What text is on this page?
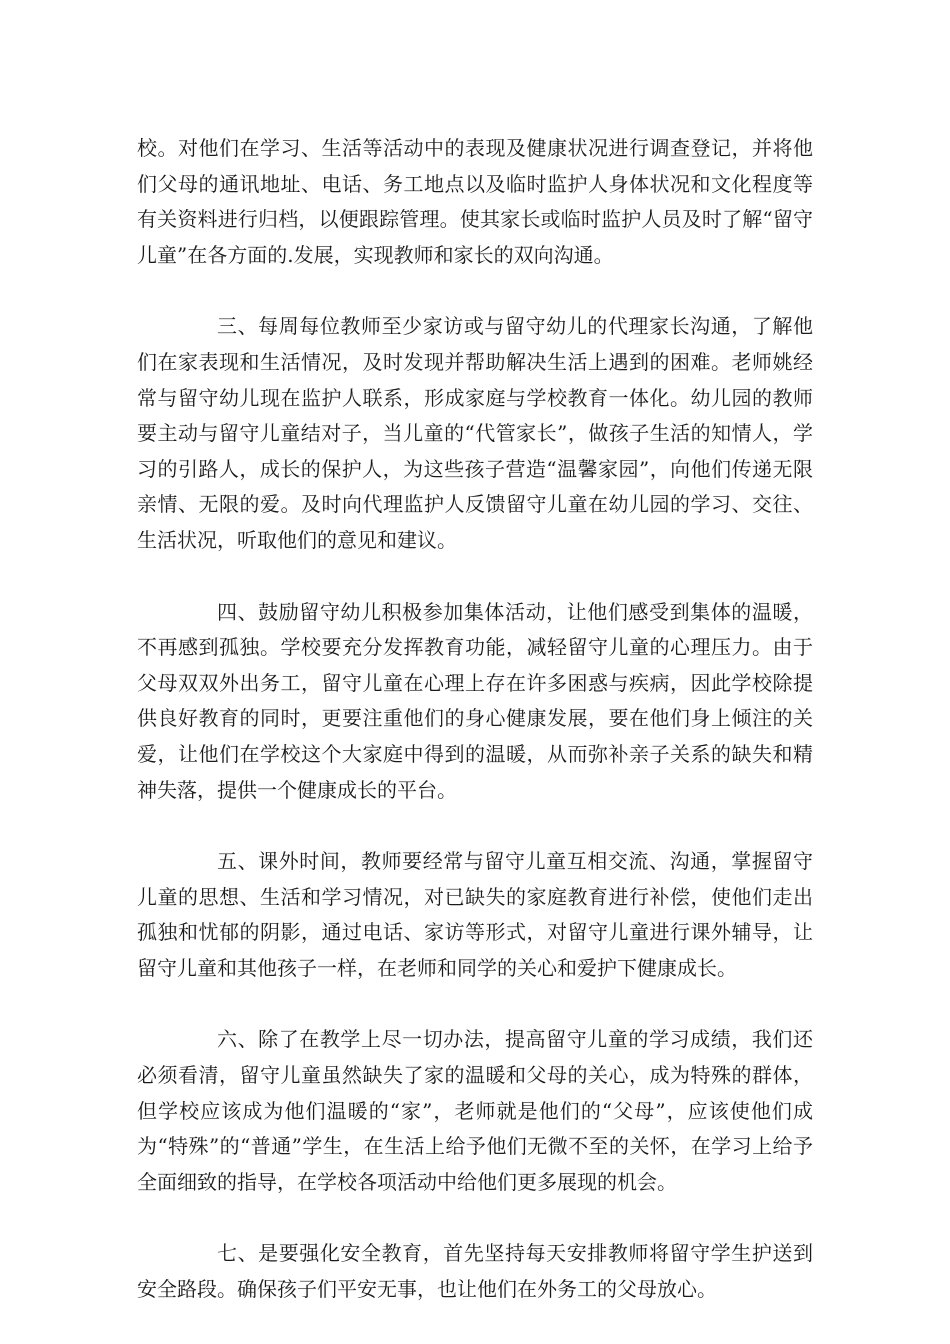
校。对他们在学习、生活等活动中的表现及健康状况进行调查登记，并将他们父母的通讯地址、电话、务工地点以及临时监护人身体状况和文化程度等有关资料进行归档，以便跟踪管理。使其家长或临时监护人员及时了解“留守儿童”在各方面的.发展，实现教师和家长的双向沟通。

三、每周每位教师至少家访或与留守幼儿的代理家长沟通，了解他们在家表现和生活情况，及时发现并帮助解决生活上遇到的困难。老师姚经常与留守幼儿现在监护人联系，形成家庭与学校教育一体化。幼儿园的教师要主动与留守儿童结对子，当儿童的“代管家长”，做孩子生活的知情人，学习的引路人，成长的保护人，为这些孩子营造“温馨家园”，向他们传递无限亲情、无限的爱。及时向代理监护人反馈留守儿童在幼儿园的学习、交往、生活状况，听取他们的意见和建议。

四、鼓励留守幼儿积极参加集体活动，让他们感受到集体的温暖，不再感到孤独。学校要充分发挥教育功能，减轻留守儿童的心理压力。由于父母双双外出务工，留守儿童在心理上存在许多困惑与疾病，因此学校除提供良好教育的同时，更要注重他们的身心健康发展，要在他们身上倾注的关爱，让他们在学校这个大家庭中得到的温暖，从而弥补亲子关系的缺失和精神失落，提供一个健康成长的平台。

五、课外时间，教师要经常与留守儿童互相交流、沟通，掌握留守儿童的思想、生活和学习情况，对已缺失的家庭教育进行补偿，使他们走出孤独和忧郁的阴影，通过电话、家访等形式，对留守儿童进行课外辅导，让留守儿童和其他孩子一样，在老师和同学的关心和爱护下健康成长。

六、除了在教学上尽一切办法，提高留守儿童的学习成绩，我们还必须看清，留守儿童虽然缺失了家的温暖和父母的关心，成为特殊的群体，但学校应该成为他们温暖的“家”，老师就是他们的“父母”，应该使他们成为“特殊”的“普通”学生，在生活上给予他们无微不至的关怀，在学习上给予全面细致的指导，在学校各项活动中给他们更多展现的机会。

七、是要强化安全教育，首先坚持每天安排教师将留守学生护送到安全路段。确保孩子们平安无事，也让他们在外务工的父母放心。
